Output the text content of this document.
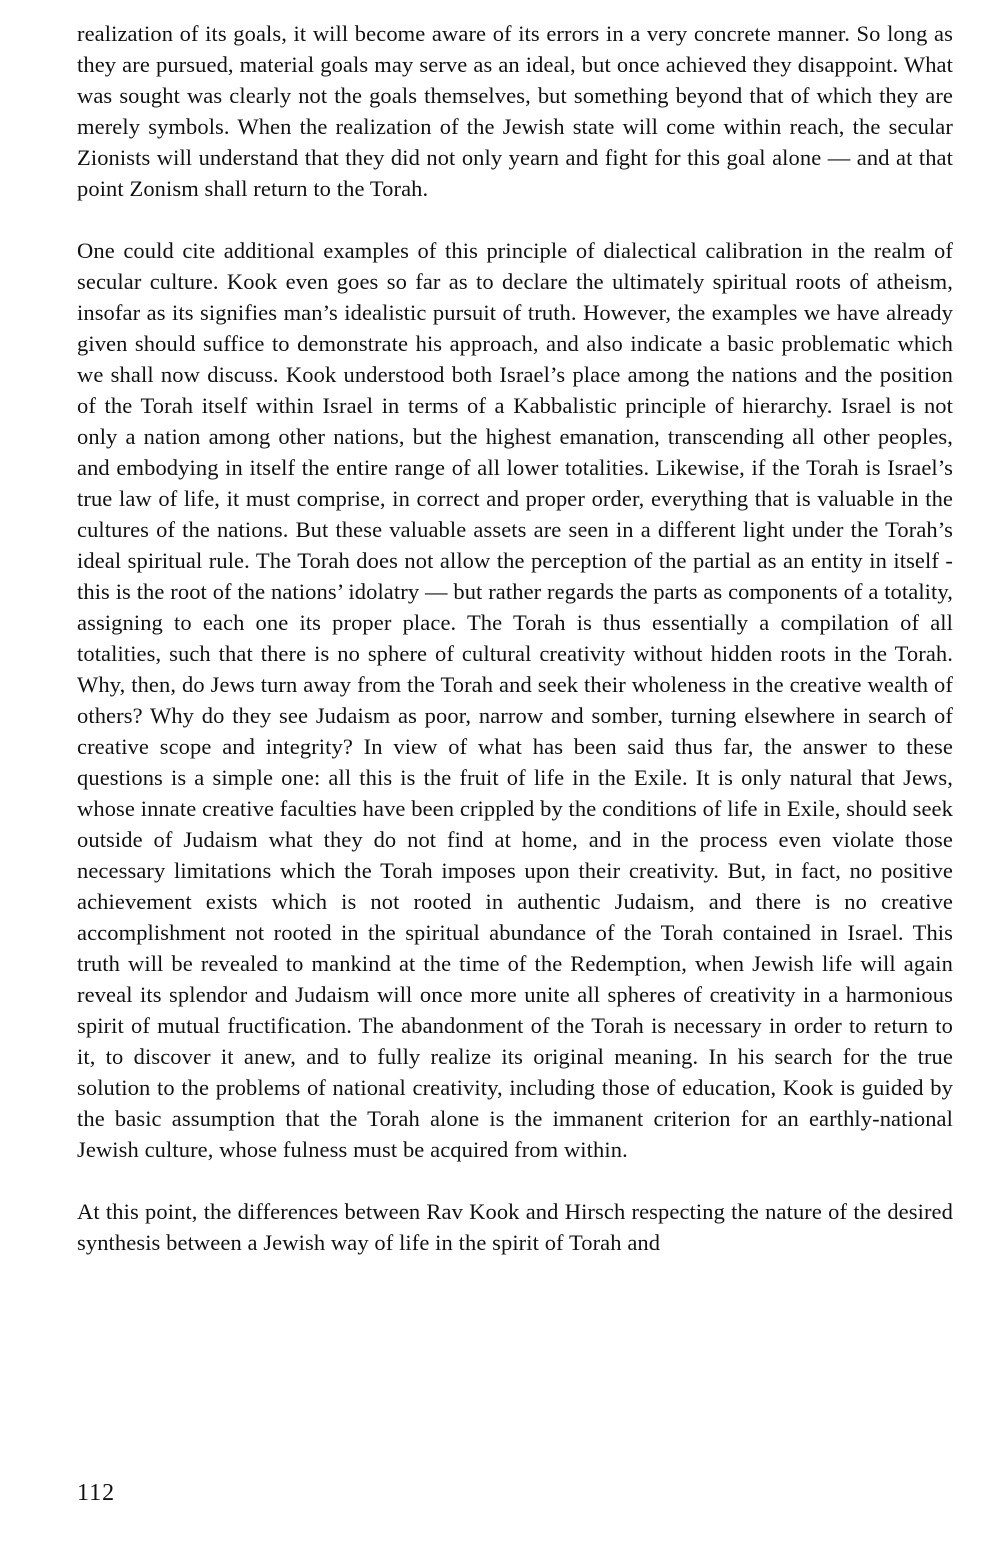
realization of its goals, it will become aware of its errors in a very concrete manner. So long as they are pursued, material goals may serve as an ideal, but once achieved they disappoint. What was sought was clearly not the goals themselves, but something beyond that of which they are merely symbols. When the realization of the Jewish state will come within reach, the secular Zionists will understand that they did not only yearn and fight for this goal alone — and at that point Zonism shall return to the Torah.

One could cite additional examples of this principle of dialectical calibration in the realm of secular culture. Kook even goes so far as to declare the ultimately spiritual roots of atheism, insofar as its signifies man’s idealistic pursuit of truth. However, the examples we have already given should suffice to demonstrate his approach, and also indicate a basic problematic which we shall now discuss. Kook understood both Israel’s place among the nations and the position of the Torah itself within Israel in terms of a Kabbalistic principle of hierarchy. Israel is not only a nation among other nations, but the highest emanation, transcending all other peoples, and embodying in itself the entire range of all lower totalities. Likewise, if the Torah is Israel’s true law of life, it must comprise, in correct and proper order, everything that is valuable in the cultures of the nations. But these valuable assets are seen in a different light under the Torah’s ideal spiritual rule. The Torah does not allow the perception of the partial as an entity in itself - this is the root of the nations’ idolatry — but rather regards the parts as components of a totality, assigning to each one its proper place. The Torah is thus essentially a compilation of all totalities, such that there is no sphere of cultural creativity without hidden roots in the Torah. Why, then, do Jews turn away from the Torah and seek their wholeness in the creative wealth of others? Why do they see Judaism as poor, narrow and somber, turning elsewhere in search of creative scope and integrity? In view of what has been said thus far, the answer to these questions is a simple one: all this is the fruit of life in the Exile. It is only natural that Jews, whose innate creative faculties have been crippled by the conditions of life in Exile, should seek outside of Judaism what they do not find at home, and in the process even violate those necessary limitations which the Torah imposes upon their creativity. But, in fact, no positive achievement exists which is not rooted in authentic Judaism, and there is no creative accomplishment not rooted in the spiritual abundance of the Torah contained in Israel. This truth will be revealed to mankind at the time of the Redemption, when Jewish life will again reveal its splendor and Judaism will once more unite all spheres of creativity in a harmonious spirit of mutual fructification. The abandonment of the Torah is necessary in order to return to it, to discover it anew, and to fully realize its original meaning. In his search for the true solution to the problems of national creativity, including those of education, Kook is guided by the basic assumption that the Torah alone is the immanent criterion for an earthly-national Jewish culture, whose fulness must be acquired from within.

At this point, the differences between Rav Kook and Hirsch respecting the nature of the desired synthesis between a Jewish way of life in the spirit of Torah and

112
